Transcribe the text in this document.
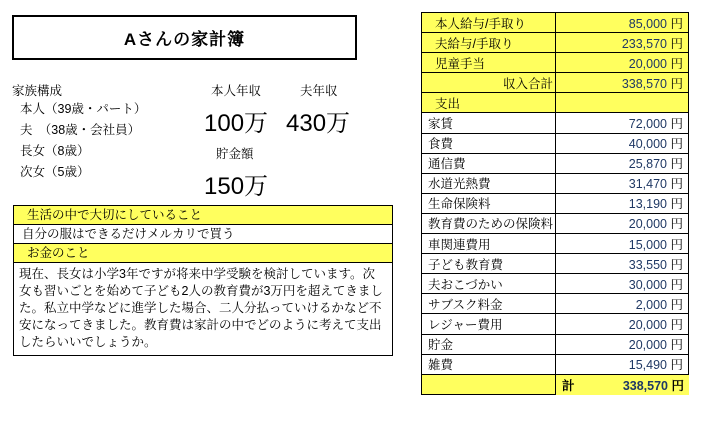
Aさんの家計簿
家族構成
本人（39歳・パート）
夫　（38歳・会社員）
長女（8歳）
次女（5歳）
本人年収	夫年収
100万 430万
貯金額
150万
生活の中で大切にしていること
自分の服はできるだけメルカリで買う
お金のこと
現在、長女は小学3年ですが将来中学受験を検討しています。次女も習いごとを始めて子ども2人の教育費が3万円を超えてきました。私立中学などに進学した場合、二人分払っていけるかなど不安になってきました。教育費は家計の中でどのように考えて支出したらいいでしょうか。
本人給与/手取り	85,000 円
夫給与/手取り	233,570 円
児童手当	20,000 円
収入合計	338,570 円
支出	
家賃	72,000 円
食費	40,000 円
通信費	25,870 円
水道光熱費	31,470 円
生命保険料	13,190 円
教育費のための保険料	20,000 円
車関連費用	15,000 円
子ども教育費	33,550 円
夫おこづかい	30,000 円
サブスク料金	2,000 円
レジャー費用	20,000 円
貯金	20,000 円
雑費	15,490 円

計	338,570 円
